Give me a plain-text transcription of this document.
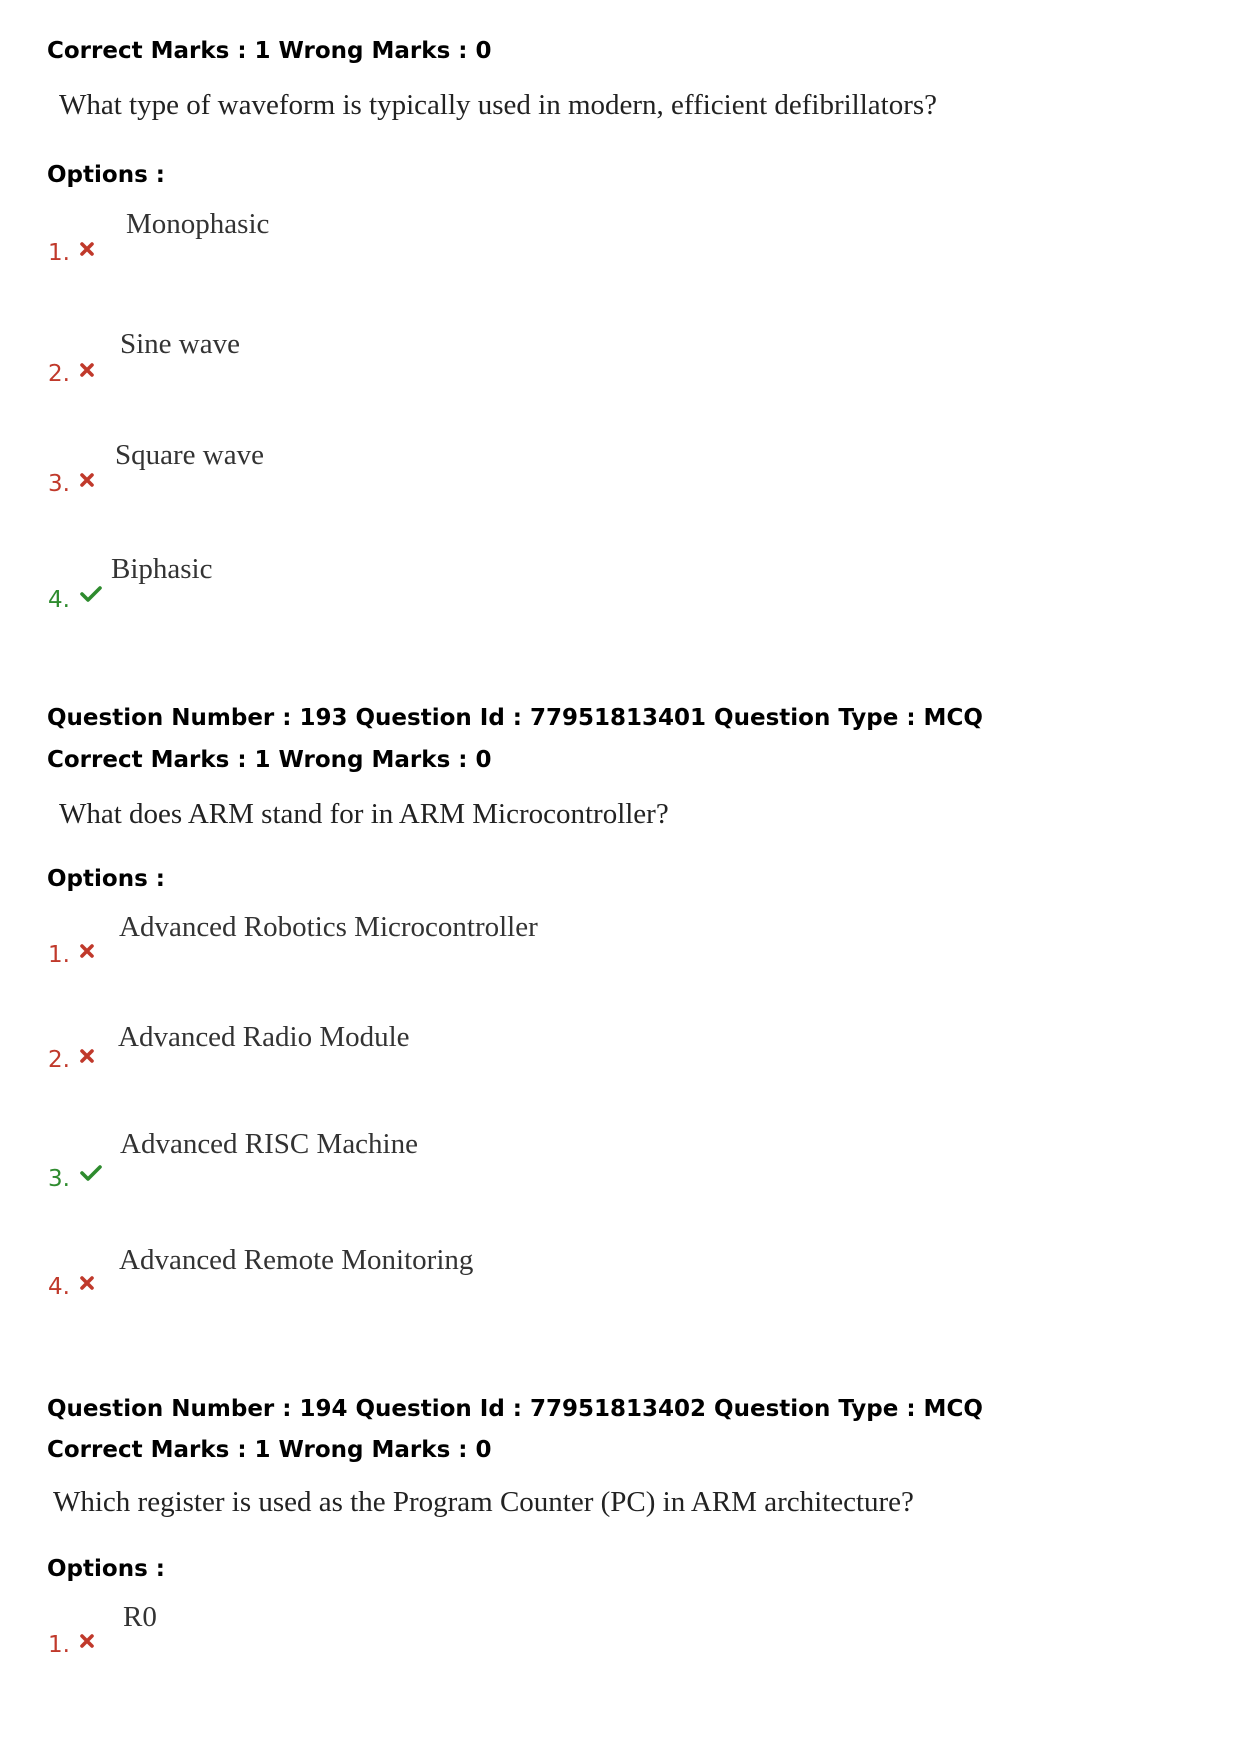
Correct Marks : 1 Wrong Marks : 0
What type of waveform is typically used in modern, efficient defibrillators?
Options :
1.
Monophasic
2.
Sine wave
3.
Square wave
4.
Biphasic
Question Number : 193 Question Id : 77951813401 Question Type : MCQ
Correct Marks : 1 Wrong Marks : 0
What does ARM stand for in ARM Microcontroller?
Options :
1.
Advanced Robotics Microcontroller
2.
Advanced Radio Module
3.
Advanced RISC Machine
4.
Advanced Remote Monitoring
Question Number : 194 Question Id : 77951813402 Question Type : MCQ
Correct Marks : 1 Wrong Marks : 0
Which register is used as the Program Counter (PC) in ARM architecture?
Options :
1.
R0
